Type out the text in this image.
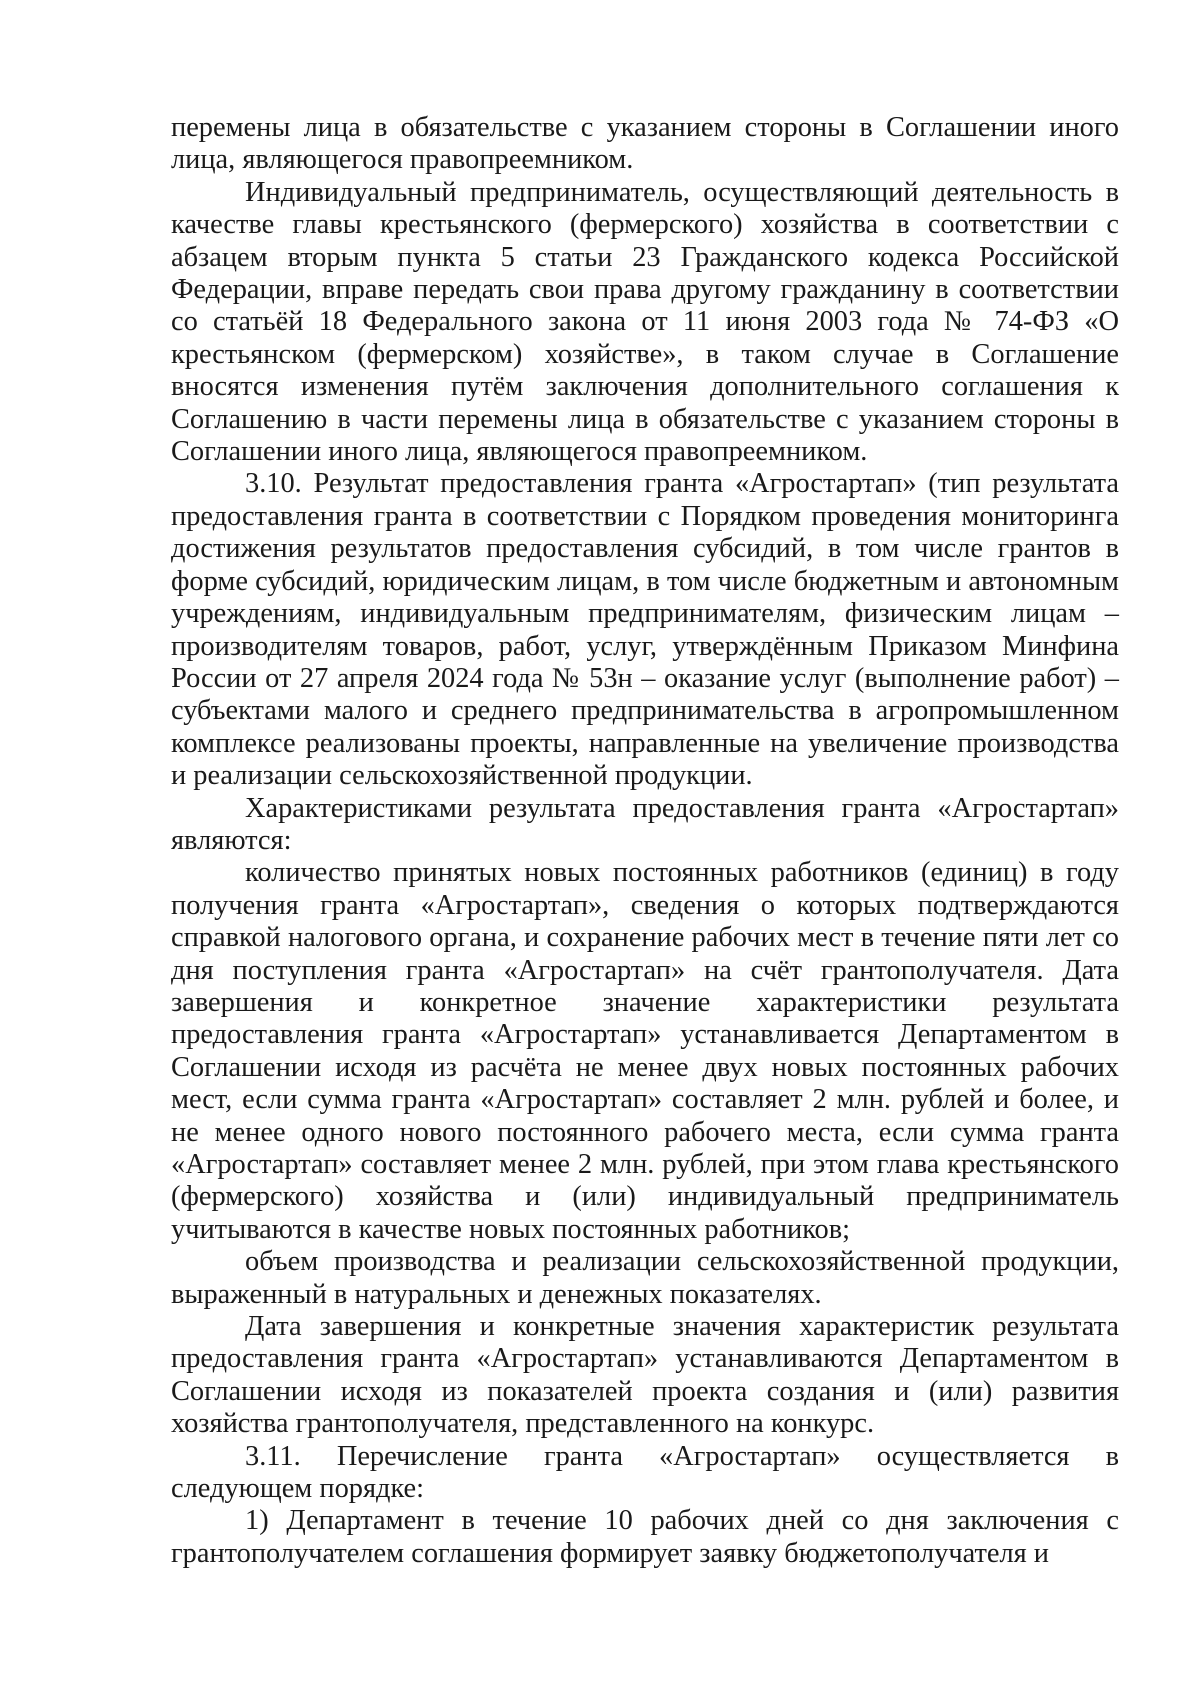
перемены лица в обязательстве с указанием стороны в Соглашении иного лица, являющегося правопреемником.

Индивидуальный предприниматель, осуществляющий деятельность в качестве главы крестьянского (фермерского) хозяйства в соответствии с абзацем вторым пункта 5 статьи 23 Гражданского кодекса Российской Федерации, вправе передать свои права другому гражданину в соответствии со статьёй 18 Федерального закона от 11 июня 2003 года № 74-ФЗ «О крестьянском (фермерском) хозяйстве», в таком случае в Соглашение вносятся изменения путём заключения дополнительного соглашения к Соглашению в части перемены лица в обязательстве с указанием стороны в Соглашении иного лица, являющегося правопреемником.

3.10. Результат предоставления гранта «Агростартап» (тип результата предоставления гранта в соответствии с Порядком проведения мониторинга достижения результатов предоставления субсидий, в том числе грантов в форме субсидий, юридическим лицам, в том числе бюджетным и автономным учреждениям, индивидуальным предпринимателям, физическим лицам – производителям товаров, работ, услуг, утверждённым Приказом Минфина России от 27 апреля 2024 года № 53н – оказание услуг (выполнение работ) – субъектами малого и среднего предпринимательства в агропромышленном комплексе реализованы проекты, направленные на увеличение производства и реализации сельскохозяйственной продукции.

Характеристиками результата предоставления гранта «Агростартап» являются:

количество принятых новых постоянных работников (единиц) в году получения гранта «Агростартап», сведения о которых подтверждаются справкой налогового органа, и сохранение рабочих мест в течение пяти лет со дня поступления гранта «Агростартап» на счёт грантополучателя. Дата завершения и конкретное значение характеристики результата предоставления гранта «Агростартап» устанавливается Департаментом в Соглашении исходя из расчёта не менее двух новых постоянных рабочих мест, если сумма гранта «Агростартап» составляет 2 млн. рублей и более, и не менее одного нового постоянного рабочего места, если сумма гранта «Агростартап» составляет менее 2 млн. рублей, при этом глава крестьянского (фермерского) хозяйства и (или) индивидуальный предприниматель учитываются в качестве новых постоянных работников;

объем производства и реализации сельскохозяйственной продукции, выраженный в натуральных и денежных показателях.

Дата завершения и конкретные значения характеристик результата предоставления гранта «Агростартап» устанавливаются Департаментом в Соглашении исходя из показателей проекта создания и (или) развития хозяйства грантополучателя, представленного на конкурс.

3.11. Перечисление гранта «Агростартап» осуществляется в следующем порядке:

1) Департамент в течение 10 рабочих дней со дня заключения с грантополучателем соглашения формирует заявку бюджетополучателя и
